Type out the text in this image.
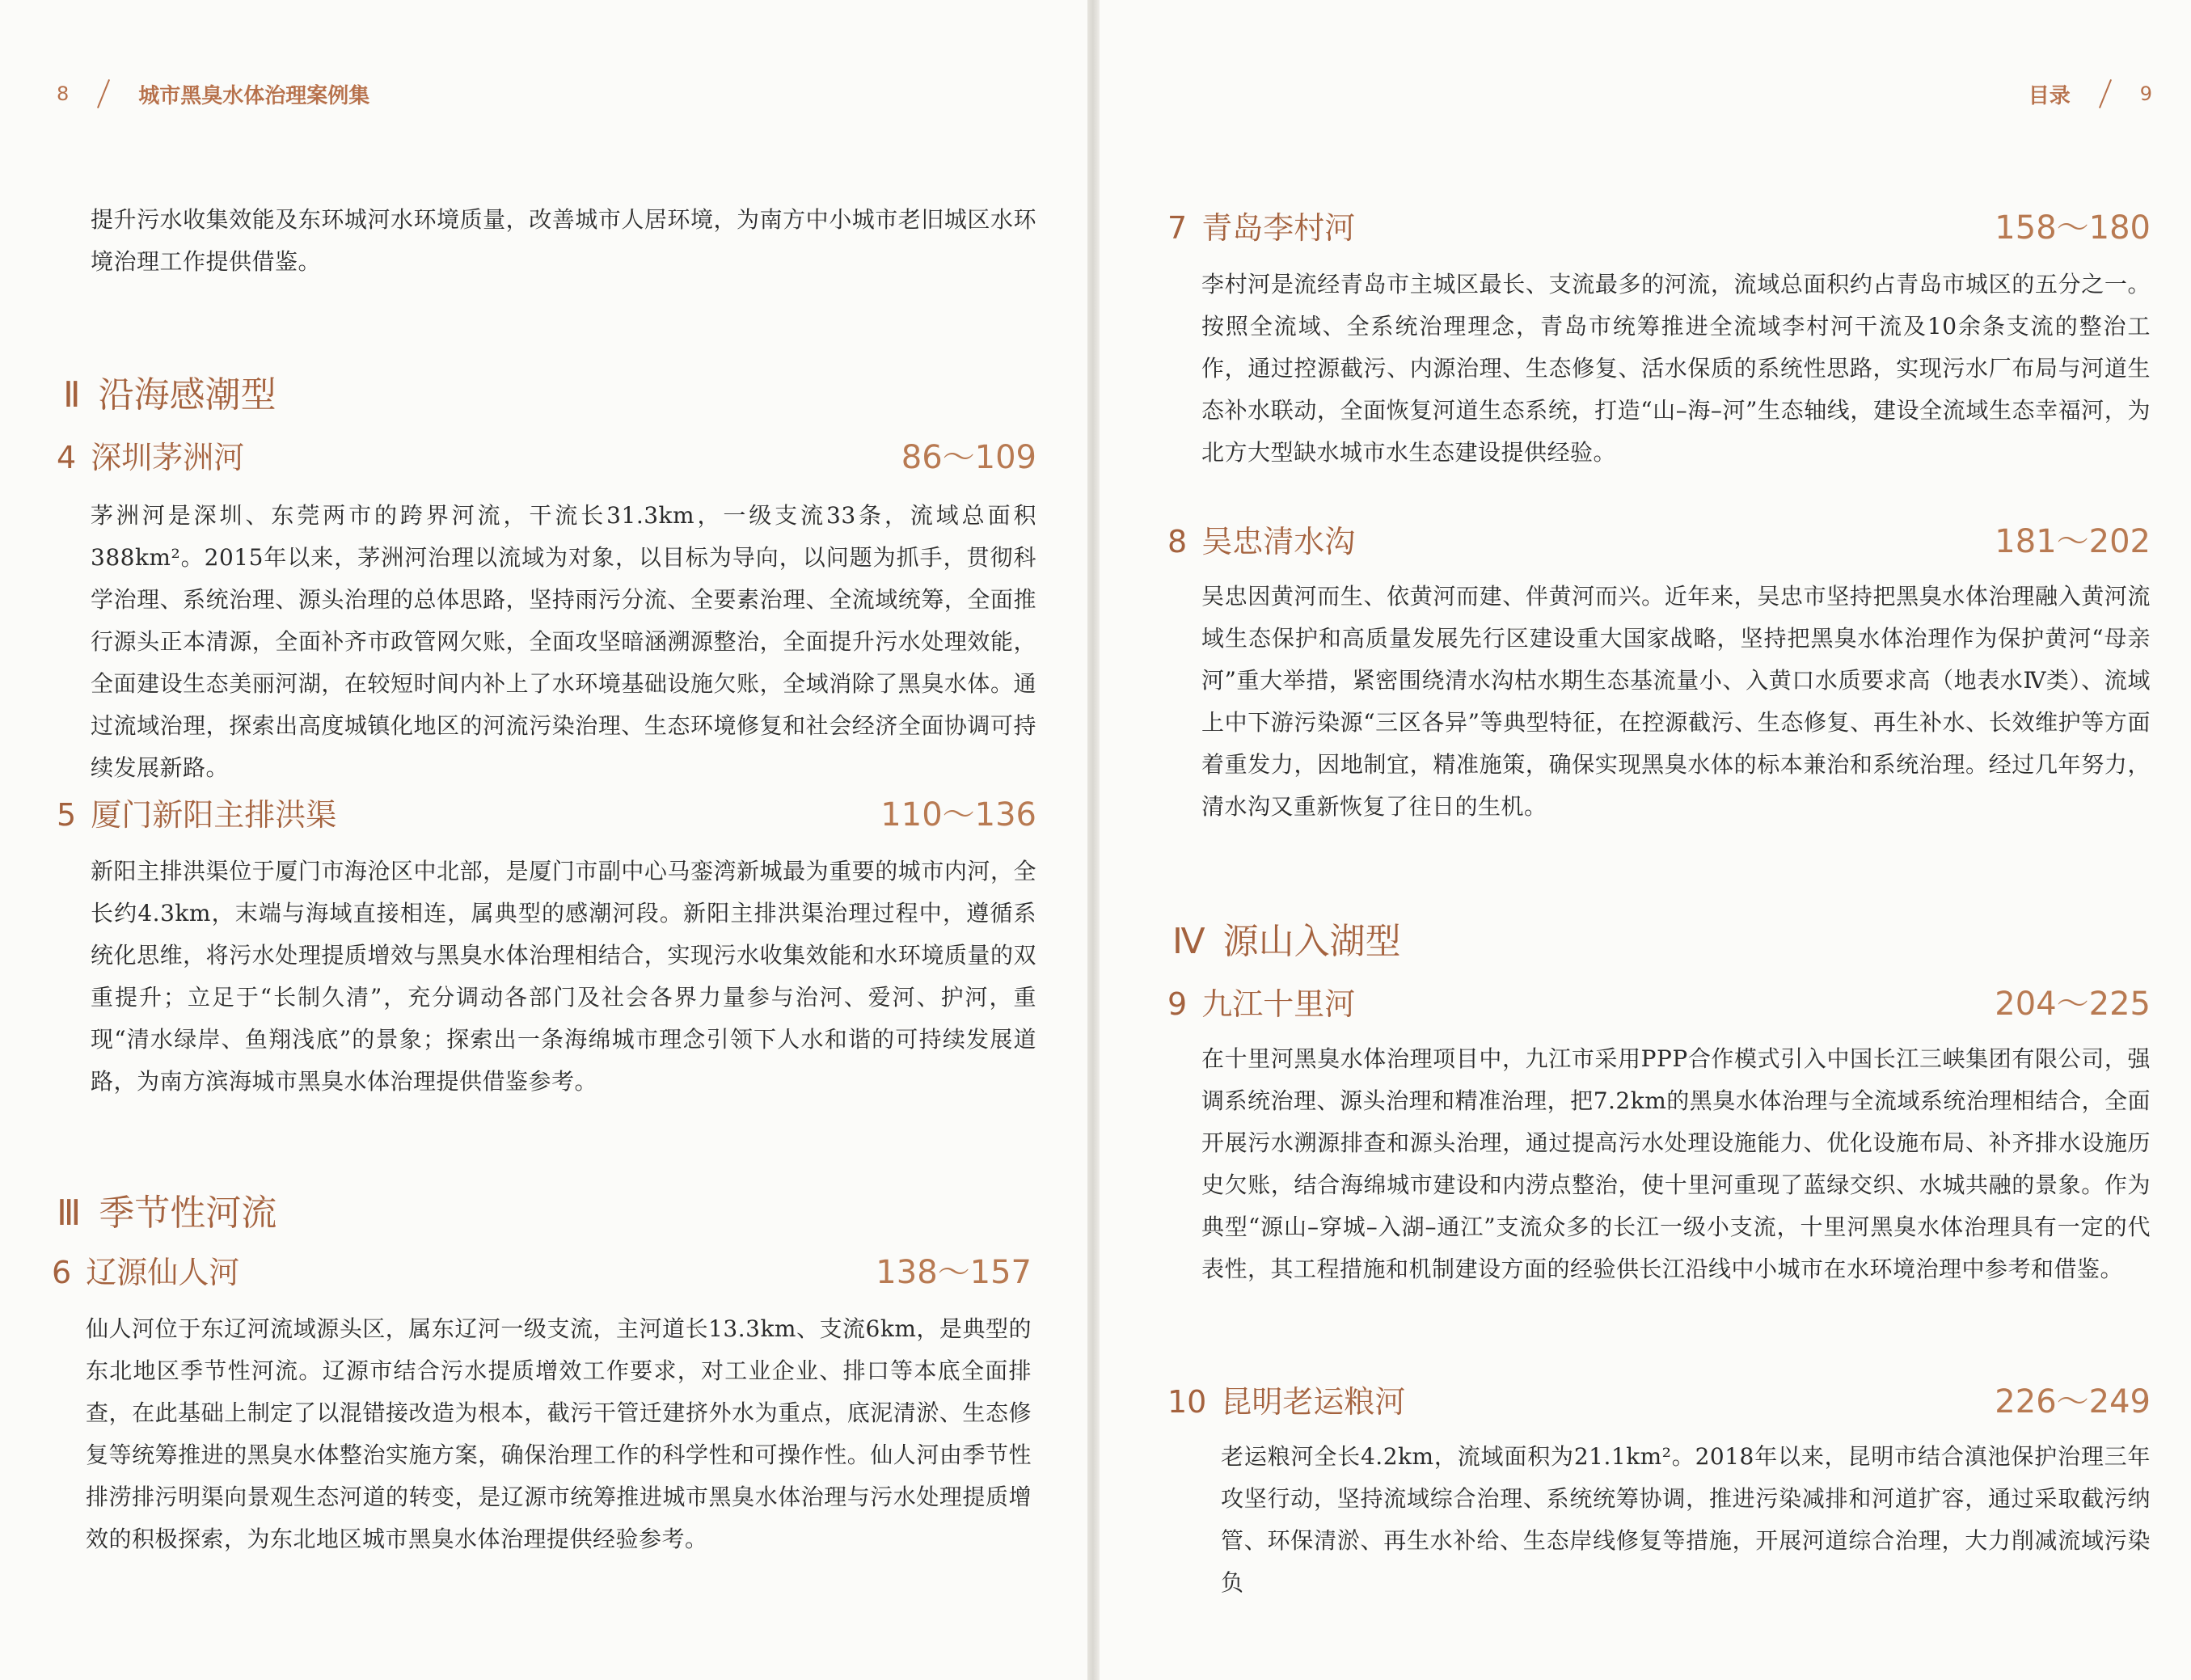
8	城市黑臭水体治理案例集

提升污水收集效能及东环城河水环境质量，改善城市人居环境，为南方中小城市老旧城区水环境治理工作提供借鉴。

Ⅱ 沿海感潮型
4 深圳茅洲河	86～109

茅洲河是深圳、东莞两市的跨界河流，干流长31.3km，一级支流33条，流域总面积388km²。2015年以来，茅洲河治理以流域为对象，以目标为导向，以问题为抓手，贯彻科学治理、系统治理、源头治理的总体思路，坚持雨污分流、全要素治理、全流域统筹，全面推行源头正本清源，全面补齐市政管网欠账，全面攻坚暗涵溯源整治，全面提升污水处理效能，全面建设生态美丽河湖，在较短时间内补上了水环境基础设施欠账，全域消除了黑臭水体。通过流域治理，探索出高度城镇化地区的河流污染治理、生态环境修复和社会经济全面协调可持续发展新路。

5 厦门新阳主排洪渠	110～136

新阳主排洪渠位于厦门市海沧区中北部，是厦门市副中心马銮湾新城最为重要的城市内河，全长约4.3km，末端与海域直接相连，属典型的感潮河段。新阳主排洪渠治理过程中，遵循系统化思维，将污水处理提质增效与黑臭水体治理相结合，实现污水收集效能和水环境质量的双重提升；立足于“长制久清”，充分调动各部门及社会各界力量参与治河、爱河、护河，重现“清水绿岸、鱼翔浅底”的景象；探索出一条海绵城市理念引领下人水和谐的可持续发展道路，为南方滨海城市黑臭水体治理提供借鉴参考。

Ⅲ 季节性河流
6 辽源仙人河	138～157

仙人河位于东辽河流域源头区，属东辽河一级支流，主河道长13.3km、支流6km，是典型的东北地区季节性河流。辽源市结合污水提质增效工作要求，对工业企业、排口等本底全面排查，在此基础上制定了以混错接改造为根本，截污干管迁建挤外水为重点，底泥清淤、生态修复等统筹推进的黑臭水体整治实施方案，确保治理工作的科学性和可操作性。仙人河由季节性排涝排污明渠向景观生态河道的转变，是辽源市统筹推进城市黑臭水体治理与污水处理提质增效的积极探索，为东北地区城市黑臭水体治理提供经验参考。

目录	9
7 青岛李村河	158～180

李村河是流经青岛市主城区最长、支流最多的河流，流域总面积约占青岛市城区的五分之一。按照全流域、全系统治理理念，青岛市统筹推进全流域李村河干流及10余条支流的整治工作，通过控源截污、内源治理、生态修复、活水保质的系统性思路，实现污水厂布局与河道生态补水联动，全面恢复河道生态系统，打造“山–海–河”生态轴线，建设全流域生态幸福河，为北方大型缺水城市水生态建设提供经验。

8 吴忠清水沟	181～202

吴忠因黄河而生、依黄河而建、伴黄河而兴。近年来，吴忠市坚持把黑臭水体治理融入黄河流域生态保护和高质量发展先行区建设重大国家战略，坚持把黑臭水体治理作为保护黄河“母亲河”重大举措，紧密围绕清水沟枯水期生态基流量小、入黄口水质要求高（地表水Ⅳ类）、流域上中下游污染源“三区各异”等典型特征，在控源截污、生态修复、再生补水、长效维护等方面着重发力，因地制宜，精准施策，确保实现黑臭水体的标本兼治和系统治理。经过几年努力，清水沟又重新恢复了往日的生机。

Ⅳ 源山入湖型
9 九江十里河	204～225

在十里河黑臭水体治理项目中，九江市采用PPP合作模式引入中国长江三峡集团有限公司，强调系统治理、源头治理和精准治理，把7.2km的黑臭水体治理与全流域系统治理相结合，全面开展污水溯源排查和源头治理，通过提高污水处理设施能力、优化设施布局、补齐排水设施历史欠账，结合海绵城市建设和内涝点整治，使十里河重现了蓝绿交织、水城共融的景象。作为典型“源山–穿城–入湖–通江”支流众多的长江一级小支流，十里河黑臭水体治理具有一定的代表性，其工程措施和机制建设方面的经验供长江沿线中小城市在水环境治理中参考和借鉴。

10 昆明老运粮河	226～249

老运粮河全长4.2km，流域面积为21.1km²。2018年以来，昆明市结合滇池保护治理三年攻坚行动，坚持流域综合治理、系统统筹协调，推进污染减排和河道扩容，通过采取截污纳管、环保清淤、再生水补给、生态岸线修复等措施，开展河道综合治理，大力削减流域污染负
